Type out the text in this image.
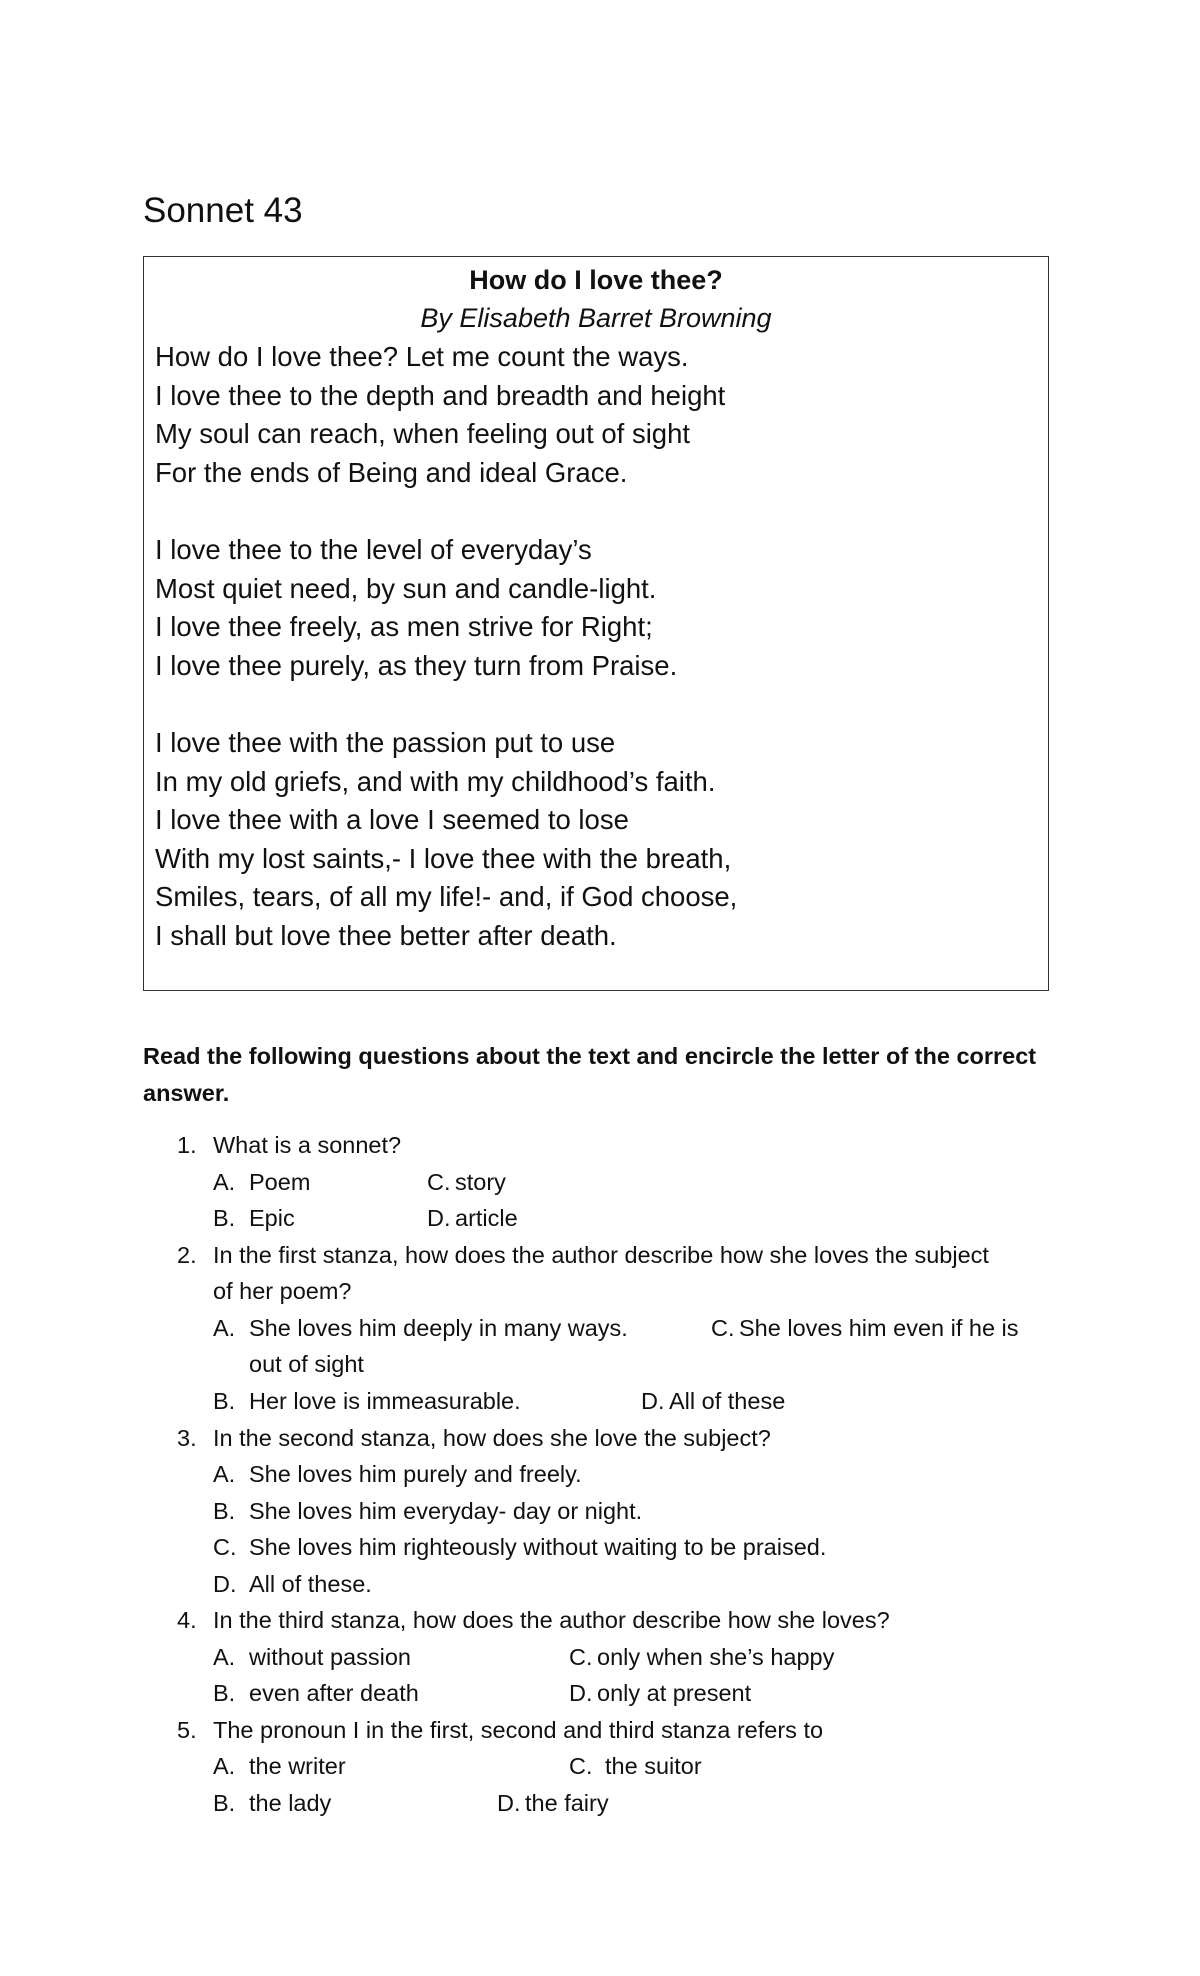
Sonnet 43
How do I love thee?
By Elisabeth Barret Browning
How do I love thee? Let me count the ways.
I love thee to the depth and breadth and height
My soul can reach, when feeling out of sight
For the ends of Being and ideal Grace.
I love thee to the level of everyday’s
Most quiet need, by sun and candle-light.
I love thee freely, as men strive for Right;
I love thee purely, as they turn from Praise.
I love thee with the passion put to use
In my old griefs, and with my childhood’s faith.
I love thee with a love I seemed to lose
With my lost saints,- I love thee with the breath,
Smiles, tears, of all my life!- and, if God choose,
I shall but love thee better after death.
Read the following questions about the text and encircle the letter of the correct answer.
1. What is a sonnet?
A. Poem	C. story
B. Epic	D. article
2. In the first stanza, how does the author describe how she loves the subject
of her poem?
A. She loves him deeply in many ways.	C. She loves him even if he is
out of sight
B. Her love is immeasurable.	D. All of these
3. In the second stanza, how does she love the subject?
A. She loves him purely and freely.
B. She loves him everyday- day or night.
C. She loves him righteously without waiting to be praised.
D. All of these.
4. In the third stanza, how does the author describe how she loves?
A. without passion	C. only when she’s happy
B. even after death	D. only at present
5. The pronoun I in the first, second and third stanza refers to
A. the writer	C. the suitor
B. the lady	D. the fairy
